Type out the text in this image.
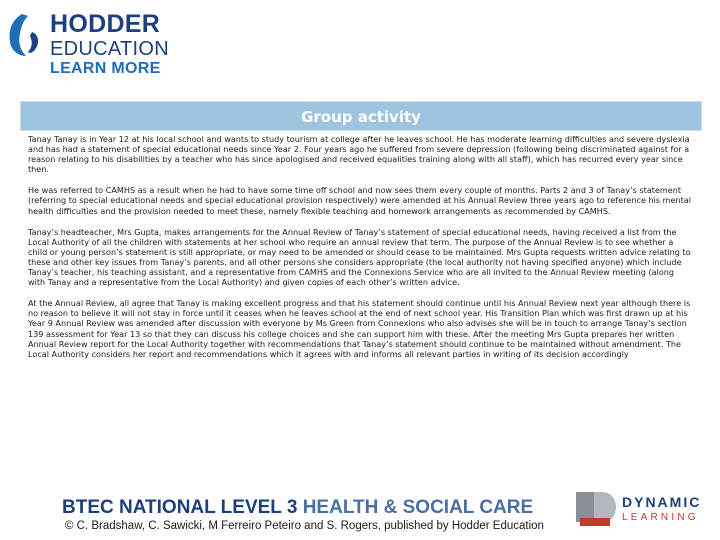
HODDER
EDUCATION
LEARN MORE
Group activity

Tanay Tanay is in Year 12 at his local school and wants to study tourism at college after he leaves school. He has moderate learning difficulties and severe dyslexia and has had a statement of special educational needs since Year 2. Four years ago he suffered from severe depression (following being discriminated against for a reason relating to his disabilities by a teacher who has since apologised and received equalities training along with all staff), which has recurred every year since then.

He was referred to CAMHS as a result when he had to have some time off school and now sees them every couple of months. Parts 2 and 3 of Tanay’s statement (referring to special educational needs and special educational provision respectively) were amended at his Annual Review three years ago to reference his mental health difficulties and the provision needed to meet these, namely flexible teaching and homework arrangements as recommended by CAMHS.

Tanay’s headteacher, Mrs Gupta, makes arrangements for the Annual Review of Tanay’s statement of special educational needs, having received a list from the Local Authority of all the children with statements at her school who require an annual review that term. The purpose of the Annual Review is to see whether a child or young person’s statement is still appropriate, or may need to be amended or should cease to be maintained. Mrs Gupta requests written advice relating to these and other key issues from Tanay’s parents, and all other persons she considers appropriate (the local authority not having specified anyone) which include Tanay’s teacher, his teaching assistant, and a representative from CAMHS and the Connexions Service who are all invited to the Annual Review meeting (along with Tanay and a representative from the Local Authority) and given copies of each other’s written advice.

At the Annual Review, all agree that Tanay is making excellent progress and that his statement should continue until his Annual Review next year although there is no reason to believe it will not stay in force until it ceases when he leaves school at the end of next school year. His Transition Plan which was first drawn up at his Year 9 Annual Review was amended after discussion with everyone by Ms Green from Connexions who also advises she will be in touch to arrange Tanay’s section 139 assessment for Year 13 so that they can discuss his college choices and she can support him with these. After the meeting Mrs Gupta prepares her written Annual Review report for the Local Authority together with recommendations that Tanay’s statement should continue to be maintained without amendment. The Local Authority considers her report and recommendations which it agrees with and informs all relevant parties in writing of its decision accordingly

BTEC NATIONAL LEVEL 3 HEALTH & SOCIAL CARE
© C. Bradshaw, C. Sawicki, M Ferreiro Peteiro and S. Rogers, published by Hodder Education
DYNAMIC
LEARNING
